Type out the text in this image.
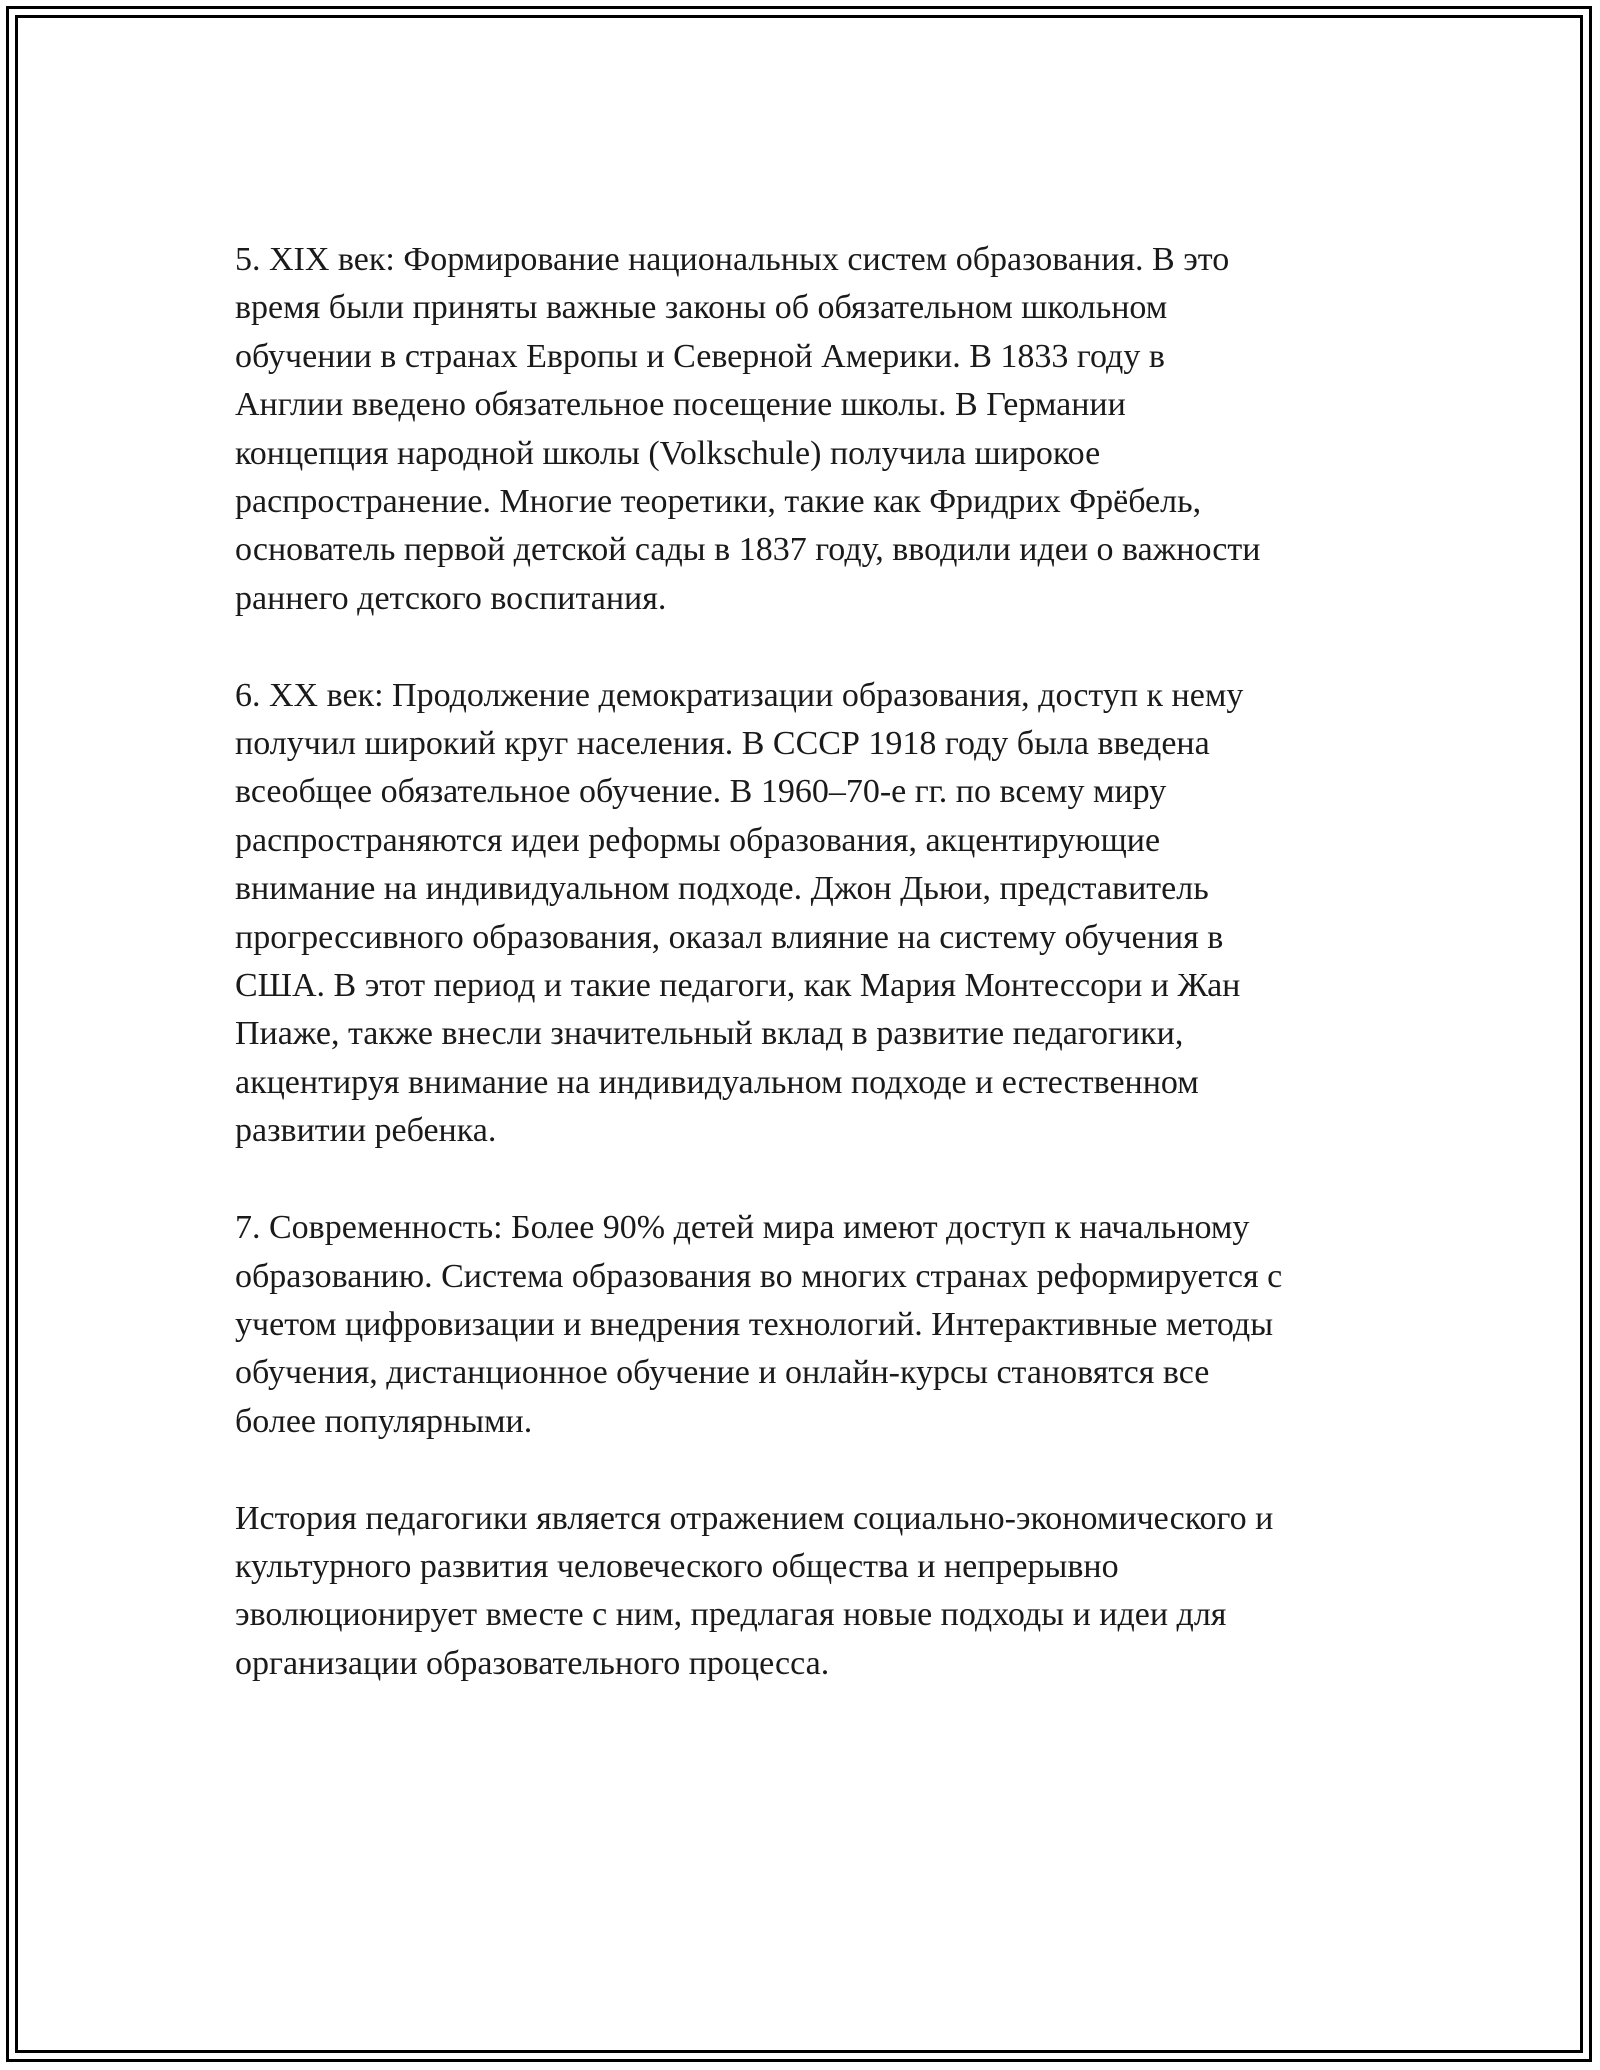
5. XIX век: Формирование национальных систем образования. В это
время были приняты важные законы об обязательном школьном
обучении в странах Европы и Северной Америки. В 1833 году в
Англии введено обязательное посещение школы. В Германии
концепция народной школы (Volkschule) получила широкое
распространение. Многие теоретики, такие как Фридрих Фрёбель,
основатель первой детской сады в 1837 году, вводили идеи о важности
раннего детского воспитания.

6. XX век: Продолжение демократизации образования, доступ к нему
получил широкий круг населения. В СССР 1918 году была введена
всеобщее обязательное обучение. В 1960–70-е гг. по всему миру
распространяются идеи реформы образования, акцентирующие
внимание на индивидуальном подходе. Джон Дьюи, представитель
прогрессивного образования, оказал влияние на систему обучения в
США. В этот период и такие педагоги, как Мария Монтессори и Жан
Пиаже, также внесли значительный вклад в развитие педагогики,
акцентируя внимание на индивидуальном подходе и естественном
развитии ребенка.

7. Современность: Более 90% детей мира имеют доступ к начальному
образованию. Система образования во многих странах реформируется с
учетом цифровизации и внедрения технологий. Интерактивные методы
обучения, дистанционное обучение и онлайн-курсы становятся все
более популярными.

История педагогики является отражением социально-экономического и
культурного развития человеческого общества и непрерывно
эволюционирует вместе с ним, предлагая новые подходы и идеи для
организации образовательного процесса.
